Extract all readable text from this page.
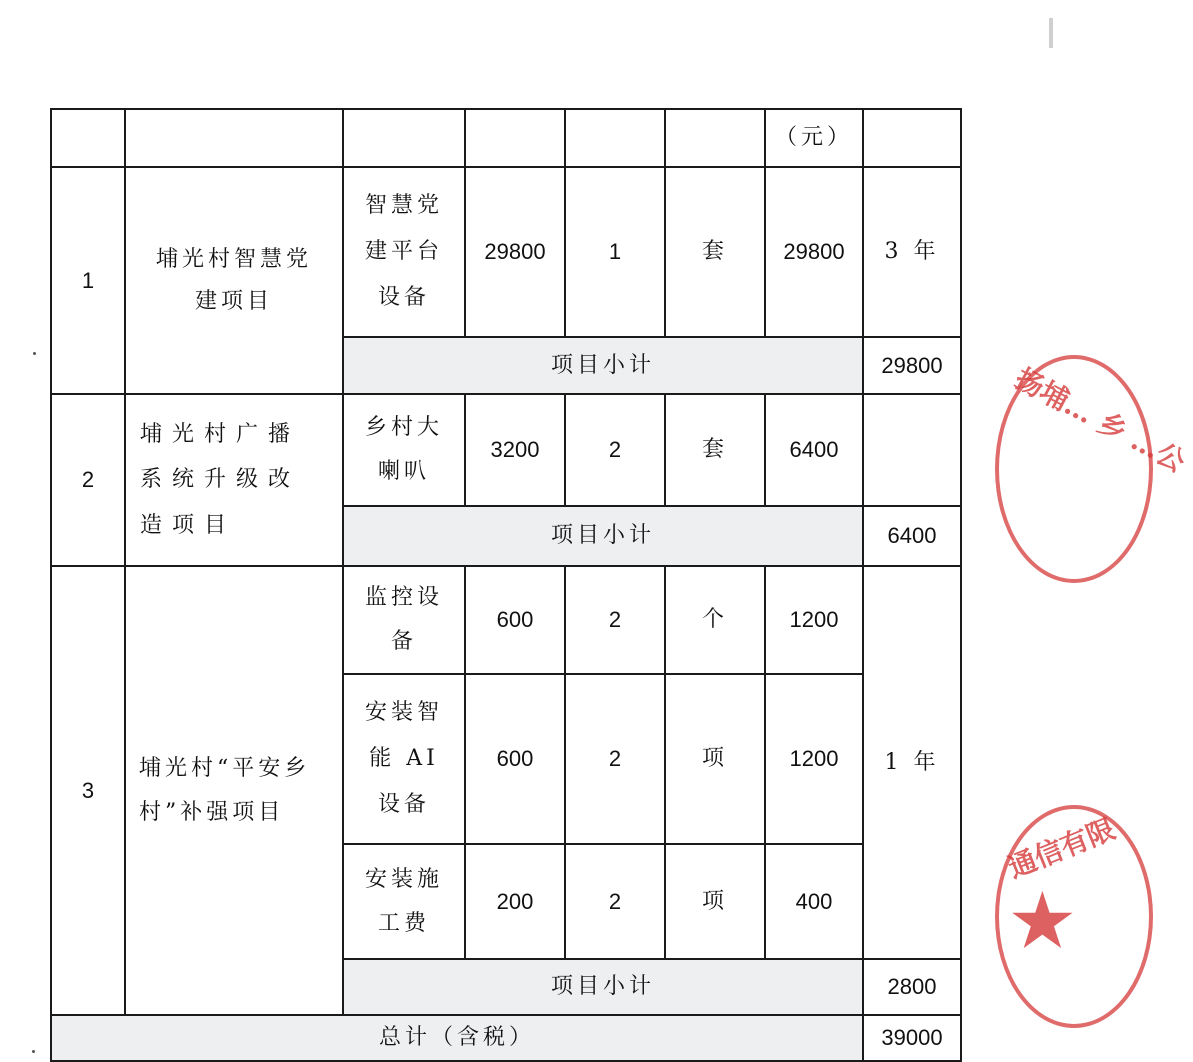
						（元）	
1	埔光村智慧党建项目	智慧党建平台设备	29800	1	套	29800	3 年
		项目小计					29800
2	埔光村广播系统升级改造项目	乡村大喇叭	3200	2	套	6400	
		项目小计					6400
3	埔光村“平安乡村”补强项目	监控设备	600	2	个	1200	1 年

		安装智能 AI 设备	600	2	项	1200	

		安装施工费	200	2	项	400	
		项目小计					2800
总计（含税）							39000
扬埔… 乡 …公
通信有限
★
